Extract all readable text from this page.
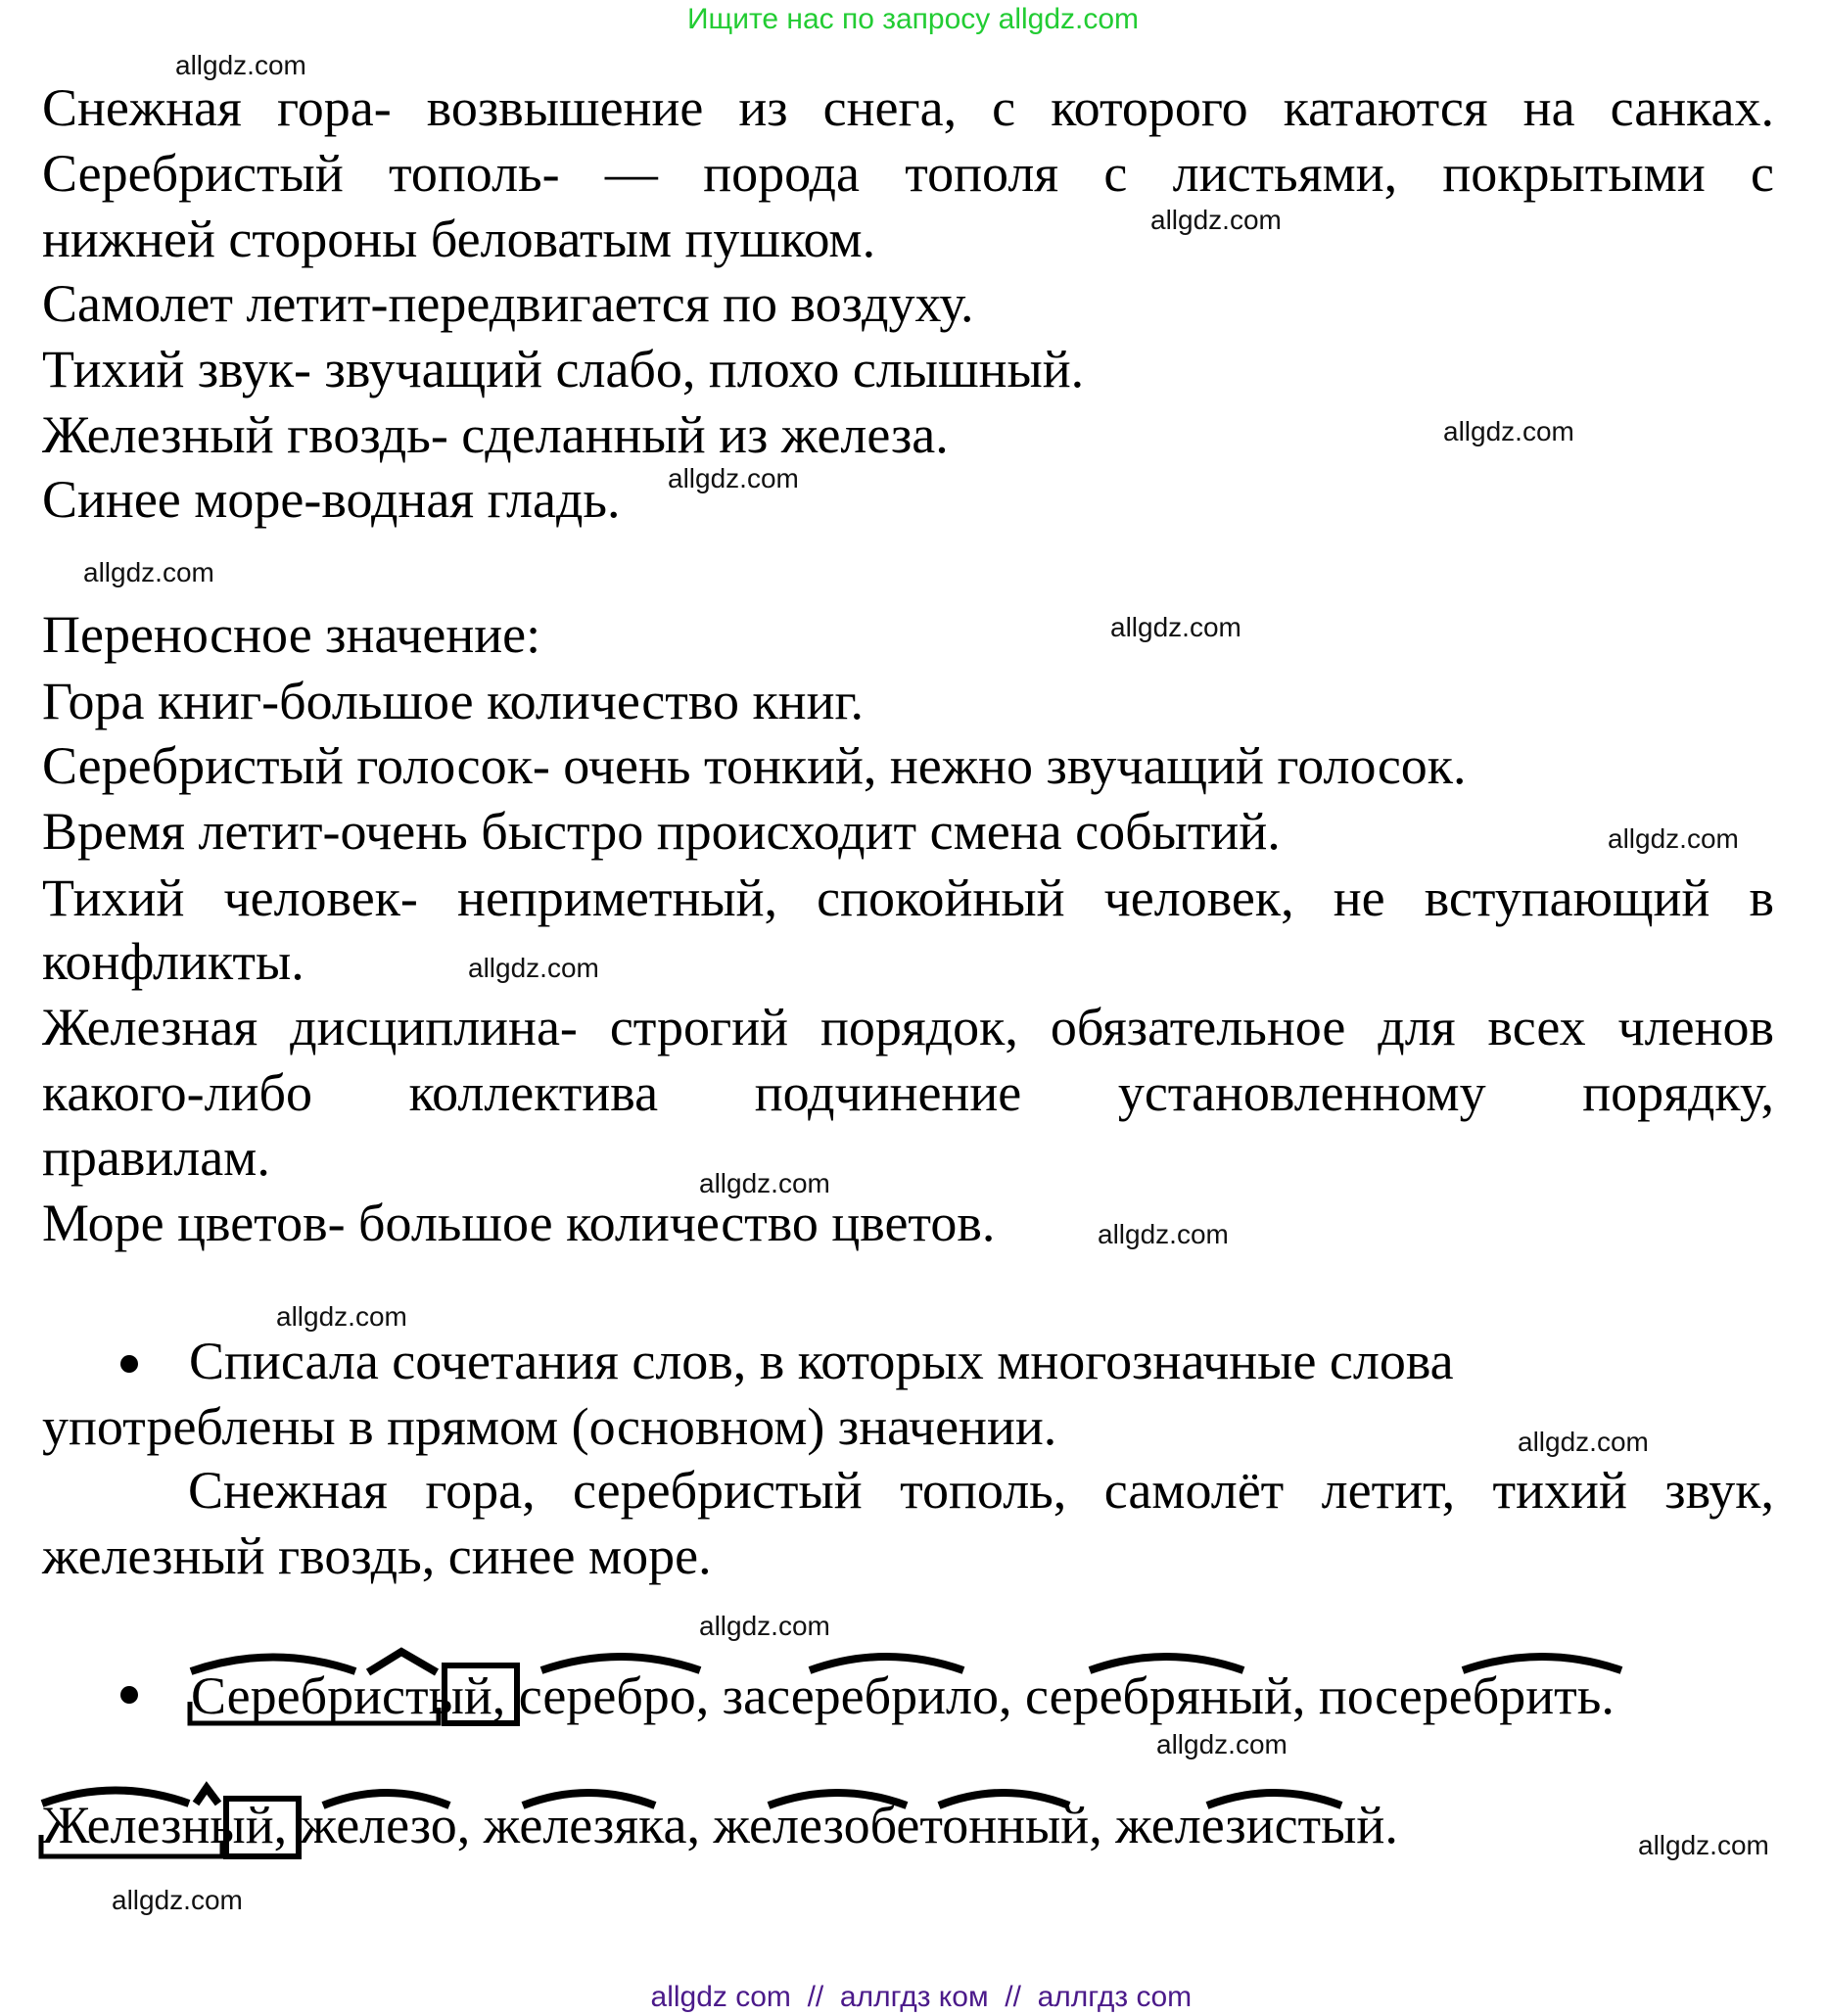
Ищите нас по запросу allgdz.com
allgdz.com
allgdz.com
allgdz.com
allgdz.com
allgdz.com
allgdz.com
allgdz.com
allgdz.com
allgdz.com
allgdz.com
allgdz.com
allgdz.com
allgdz.com
allgdz.com
allgdz.com
allgdz.com
Снежная гора- возвышение из снега, с которого катаются на санках.
Серебристый тополь- — порода тополя с листьями, покрытыми с
нижней стороны беловатым пушком.
Самолет летит-передвигается по воздуху.
Тихий звук- звучащий слабо, плохо слышный.
Железный гвоздь- сделанный из железа.
Синее море-водная гладь.
Переносное значение:
Гора книг-большое количество книг.
Серебристый голосок- очень тонкий, нежно звучащий голосок.
Время летит-очень быстро происходит смена событий.
Тихий человек- неприметный, спокойный человек, не вступающий в
конфликты.
Железная дисциплина- строгий порядок, обязательное для всех членов
какого-либо коллектива подчинение установленному порядку,
правилам.
Море цветов- большое количество цветов.
Списала сочетания слов, в которых многозначные слова
употреблены в прямом (основном) значении.
Снежная гора, серебристый тополь, самолёт летит, тихий звук,
железный гвоздь, синее море.
Серебристый, серебро, засеребрило, серебряный, посеребрить.
Железный, железо, железяка, железобетонный, железистый.

allgdz com  //  аллгдз ком  //  аллгдз com
